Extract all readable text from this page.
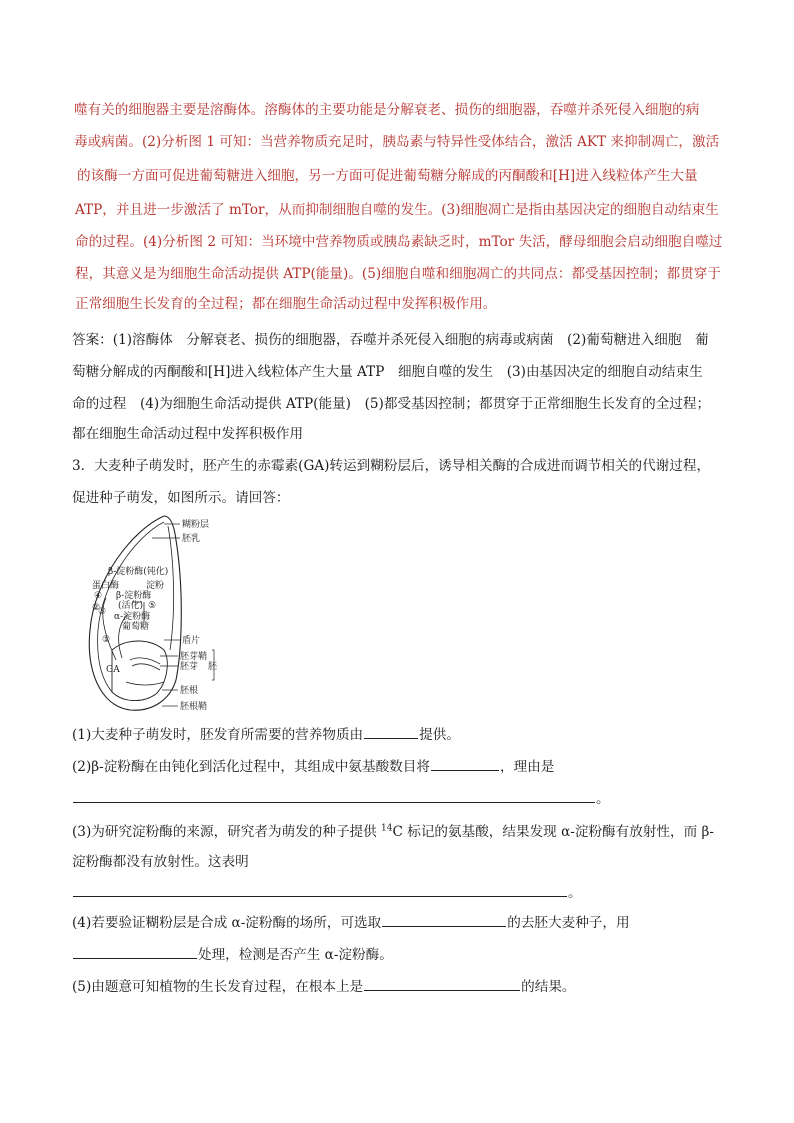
​
噬有关的细胞器主要是溶酶体。溶酶体的主要功能是分解衰老、损伤的细胞器，吞噬并杀死侵入细胞的病
毒或病菌。(2)分析图 1 可知：当营养物质充足时，胰岛素与特异性受体结合，激活 AKT 来抑制凋亡，激活
的该酶一方面可促进葡萄糖进入细胞，另一方面可促进葡萄糖分解成的丙酮酸和[H]进入线粒体产生大量
ATP，并且进一步激活了 mTor，从而抑制细胞自噬的发生。(3)细胞凋亡是指由基因决定的细胞自动结束生
命的过程。(4)分析图 2 可知：当环境中营养物质或胰岛素缺乏时，mTor 失活，酵母细胞会启动细胞自噬过
程，其意义是为细胞生命活动提供 ATP(能量)。(5)细胞自噬和细胞凋亡的共同点：都受基因控制；都贯穿于
正常细胞生长发育的全过程；都在细胞生命活动过程中发挥积极作用。
答案：(1)溶酶体　分解衰老、损伤的细胞器，吞噬并杀死侵入细胞的病毒或病菌　(2)葡萄糖进入细胞　葡
萄糖分解成的丙酮酸和[H]进入线粒体产生大量 ATP　细胞自噬的发生　(3)由基因决定的细胞自动结束生
命的过程　(4)为细胞生命活动提供 ATP(能量)　(5)都受基因控制；都贯穿于正常细胞生长发育的全过程；
都在细胞生命活动过程中发挥积极作用
3．大麦种子萌发时，胚产生的赤霉素(GA)转运到糊粉层后，诱导相关酶的合成进而调节相关的代谢过程，
促进种子萌发，如图所示。请回答：
糊粉层
胚乳
β-淀粉酶(钝化)
蛋白酶	淀粉
β-淀粉酶
(活化)
α-淀粉酶
葡萄糖
④
②
③
⑤
①	盾片
胚芽鞘
胚芽 胚
GA
胚根
胚根鞘
(1)大麦种子萌发时，胚发育所需要的营养物质由	提供。
(2)β-淀粉酶在由钝化到活化过程中，其组成中氨基酸数目将	，理由是
。
(3)为研究淀粉酶的来源，研究者为萌发的种子提供 $^{14}$C 标记的氨基酸，结果发现 α-淀粉酶有放射性，而 β-
淀粉酶都没有放射性。这表明
。
(4)若要验证糊粉层是合成 α-淀粉酶的场所，可选取	的去胚大麦种子，用
处理，检测是否产生 α-淀粉酶。
(5)由题意可知植物的生长发育过程，在根本上是	的结果。
